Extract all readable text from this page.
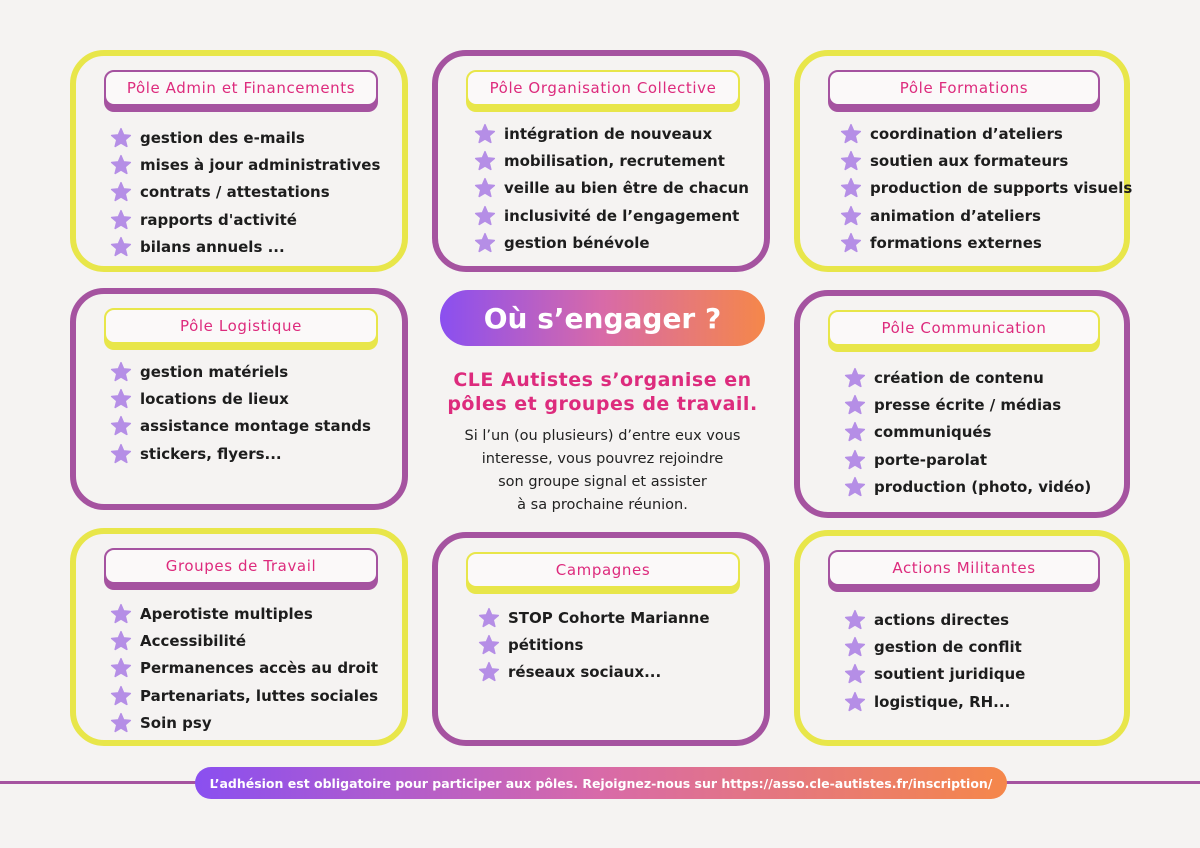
Pôle Admin et Financements
gestion des e-mails
mises à jour administratives
contrats / attestations
rapports d'activité
bilans annuels ...
Pôle Organisation Collective
intégration de nouveaux
mobilisation, recrutement
veille au bien être de chacun
inclusivité de l’engagement
gestion bénévole
Pôle Formations
coordination d’ateliers
soutien aux formateurs
production de supports visuels
animation d’ateliers
formations externes
Pôle Logistique
gestion matériels
locations de lieux
assistance montage stands
stickers, flyers...
Où s’engager ?
CLE Autistes s’organise en
pôles et groupes de travail.
Si l’un (ou plusieurs) d’entre eux vous
interesse, vous pouvrez rejoindre
son groupe signal et assister
à sa prochaine réunion.
Pôle Communication
création de contenu
presse écrite / médias
communiqués
porte-parolat
production (photo, vidéo)
Groupes de Travail
Aperotiste multiples
Accessibilité
Permanences accès au droit
Partenariats, luttes sociales
Soin psy
Campagnes
STOP Cohorte Marianne
pétitions
réseaux sociaux...
Actions Militantes
actions directes
gestion de conflit
soutient juridique
logistique, RH...
L’adhésion est obligatoire pour participer aux pôles. Rejoignez-nous sur https://asso.cle-autistes.fr/inscription/
